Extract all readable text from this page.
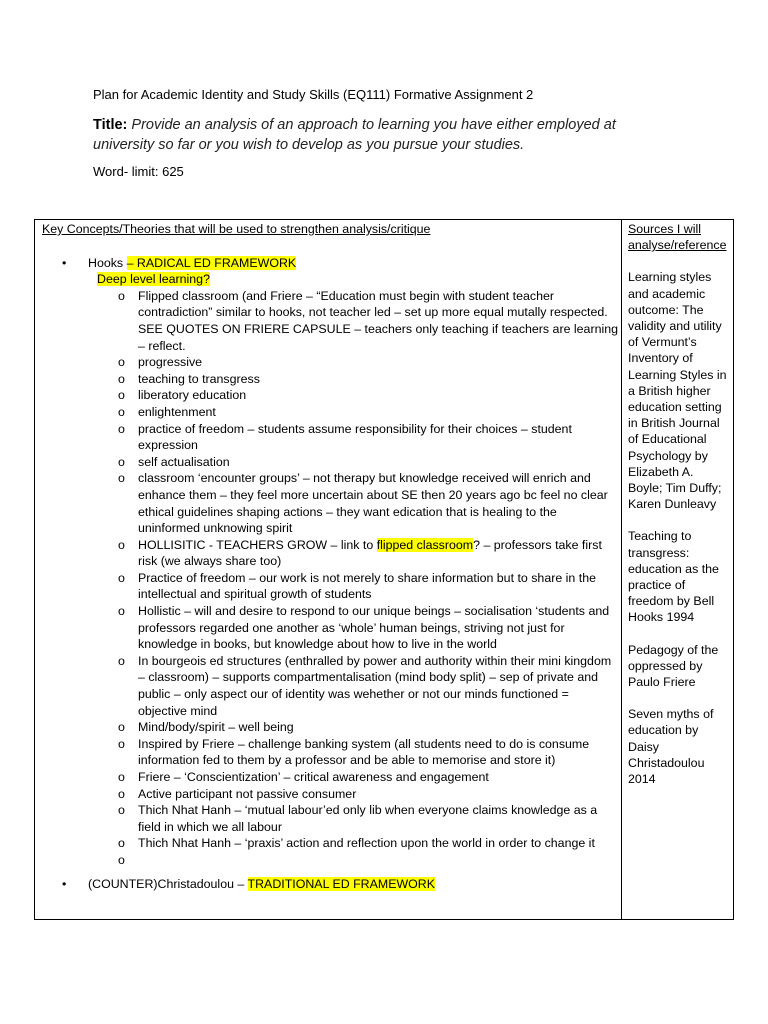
Plan for Academic Identity and Study Skills (EQ111) Formative Assignment 2
Title: Provide an analysis of an approach to learning you have either employed at university so far or you wish to develop as you pursue your studies.
Word- limit: 625
Key Concepts/Theories that will be used to strengthen analysis/critique
• Hooks – RADICAL ED FRAMEWORK
Deep level learning?
o Flipped classroom (and Friere – “Education must begin with student teacher contradiction” similar to hooks, not teacher led – set up more equal mutally respected. SEE QUOTES ON FRIERE CAPSULE – teachers only teaching if teachers are learning – reflect.
o progressive
o teaching to transgress
o liberatory education
o enlightenment
o practice of freedom – students assume responsibility for their choices – student expression
o self actualisation
o classroom ‘encounter groups’ – not therapy but knowledge received will enrich and enhance them – they feel more uncertain about SE then 20 years ago bc feel no clear ethical guidelines shaping actions – they want edication that is healing to the uninformed unknowing spirit
o HOLLISITIC - TEACHERS GROW – link to flipped classroom? – professors take first risk (we always share too)
o Practice of freedom – our work is not merely to share information but to share in the intellectual and spiritual growth of students
o Hollistic – will and desire to respond to our unique beings – socialisation ‘students and professors regarded one another as ‘whole’ human beings, striving not just for knowledge in books, but knowledge about how to live in the world
o In bourgeois ed structures (enthralled by power and authority within their mini kingdom – classroom) – supports compartmentalisation (mind body split) – sep of private and public – only aspect our of identity was wehether or not our minds functioned = objective mind
o Mind/body/spirit – well being
o Inspired by Friere – challenge banking system (all students need to do is consume information fed to them by a professor and be able to memorise and store it)
o Friere – ‘Conscientization’ – critical awareness and engagement
o Active participant not passive consumer
o Thich Nhat Hanh – ‘mutual labour’ed only lib when everyone claims knowledge as a field in which we all labour
o Thich Nhat Hanh – ‘praxis’ action and reflection upon the world in order to change it
o
• (COUNTER)Christadoulou – TRADITIONAL ED FRAMEWORK
Sources I will analyse/reference
Learning styles and academic outcome: The validity and utility of Vermunt’s Inventory of Learning Styles in a British higher education setting in British Journal of Educational Psychology by Elizabeth A. Boyle; Tim Duffy; Karen Dunleavy
Teaching to transgress: education as the practice of freedom by Bell Hooks 1994
Pedagogy of the oppressed by Paulo Friere
Seven myths of education by Daisy Christadoulou 2014
